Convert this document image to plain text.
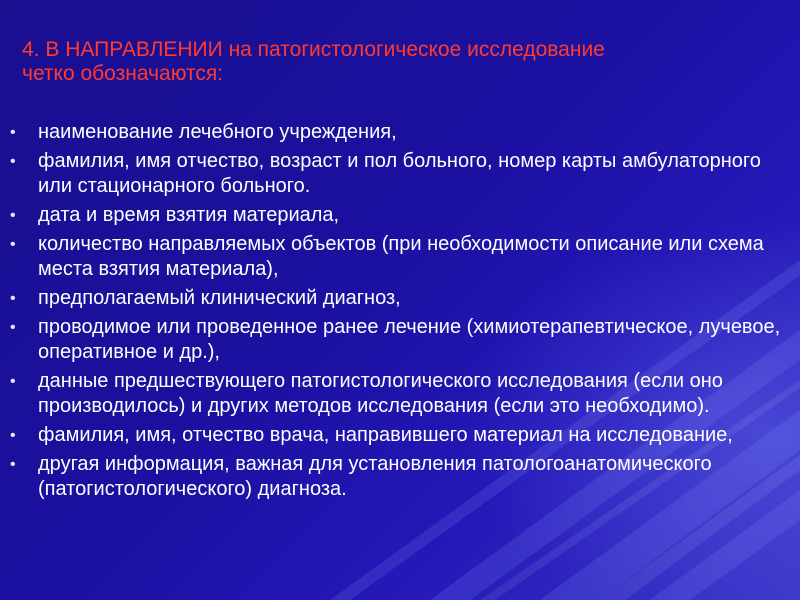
4. В НАПРАВЛЕНИИ на патогистологическое исследование
четко обозначаются:
• наименование лечебного учреждения,
• фамилия, имя отчество, возраст и пол больного, номер карты амбулаторного или стационарного больного.
• дата и время взятия материала,
• количество направляемых объектов (при необходимости описание или схема места взятия материала),
• предполагаемый клинический диагноз,
• проводимое или проведенное ранее лечение (химиотерапевтическое, лучевое, оперативное и др.),
• данные предшествующего патогистологического исследования (если оно производилось) и других методов исследования (если это необходимо).
• фамилия, имя, отчество врача, направившего материал на исследование,
• другая информация, важная для установления патологоанатомического (патогистологического) диагноза.
